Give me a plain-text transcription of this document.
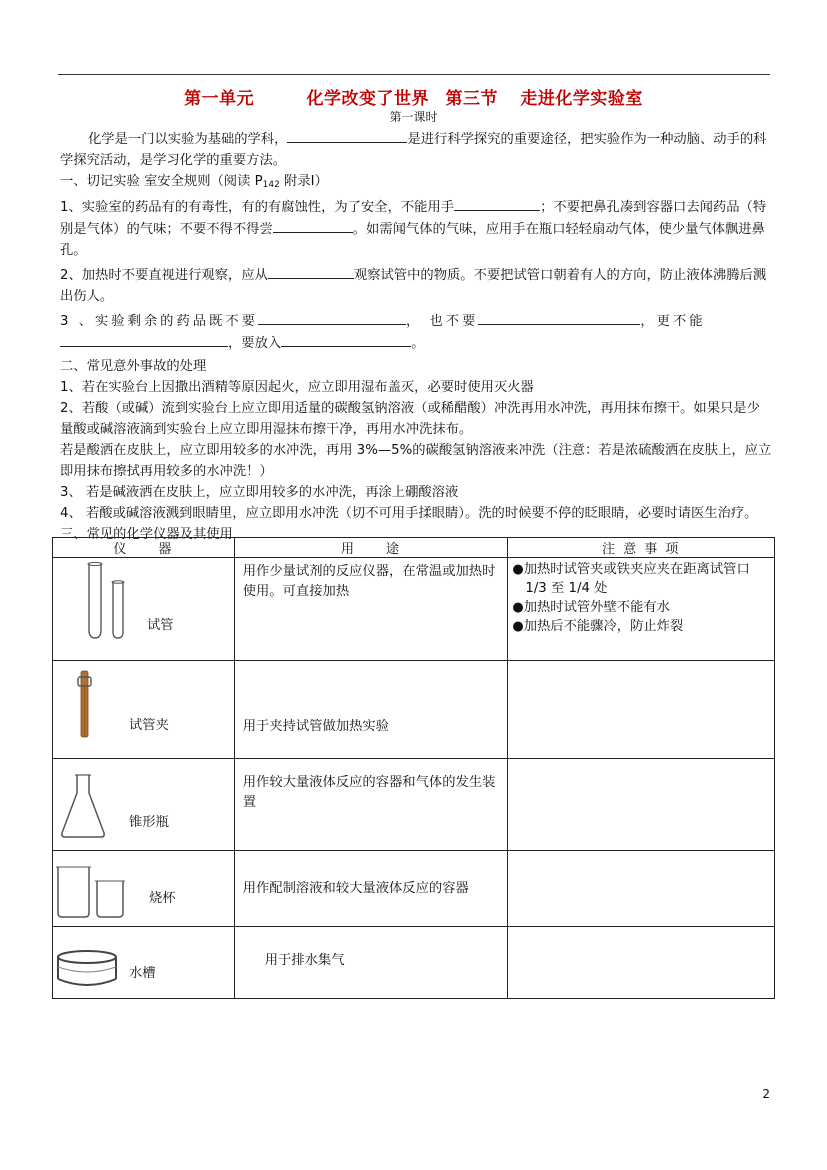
第一单元	化学改变了世界 第三节 走进化学实验室
第一课时

化学是一门以实验为基础的学科，	是进行科学探究的重要途径，把实验作为一种动脑、动手的科学探究活动，是学习化学的重要方法。

一、切记实验 室安全规则（阅读 $P_{142}$ 附录Ⅰ）

1、实验室的药品有的有毒性，有的有腐蚀性，为了安全，不能用手	；不要把鼻孔凑到容器口去闻药品（特别是气体）的气味；不要不得不得尝	。如需闻气体的气味，应用手在瓶口轻轻扇动气体，使少量气体飘进鼻孔。

2、加热时不要直视进行观察，应从	观察试管中的物质。不要把试管口朝着有人的方向，防止液体沸腾后溅出伤人。

3 、实验剩余的药品既不要	， 也不要	，更不能
，要放入	。

二、常见意外事故的处理

1、若在实验台上因撒出酒精等原因起火，应立即用湿布盖灭，必要时使用灭火器

2、若酸（或碱）流到实验台上应立即用适量的碳酸氢钠溶液（或稀醋酸）冲洗再用水冲洗，再用抹布擦干。如果只是少量酸或碱溶液滴到实验台上应立即用湿抹布擦干净，再用水冲洗抹布。

若是酸洒在皮肤上，应立即用较多的水冲洗，再用 3%—5%的碳酸氢钠溶液来冲洗（注意：若是浓硫酸洒在皮肤上，应立即用抹布擦拭再用较多的水冲洗！）

3、 若是碱液洒在皮肤上，应立即用较多的水冲洗，再涂上硼酸溶液

4、 若酸或碱溶液溅到眼睛里，应立即用水冲洗（切不可用手揉眼睛）。洗的时候要不停的眨眼睛，必要时请医生治疗。

三、常见的化学仪器及其使用

仪　　器	用　　途	注 意 事 项

试管	用作少量试剂的反应仪器，在常温或加热时使用。可直接加热	●加热时试管夹或铁夹应夹在距离试管口 1/3 至 1/4 处
●加热时试管外壁不能有水
●加热后不能骤冷，防止炸裂

试管夹	用于夹持试管做加热实验	

锥形瓶	用作较大量液体反应的容器和气体的发生装置	

烧杯	用作配制溶液和较大量液体反应的容器	

水槽	用于排水集气	

2
